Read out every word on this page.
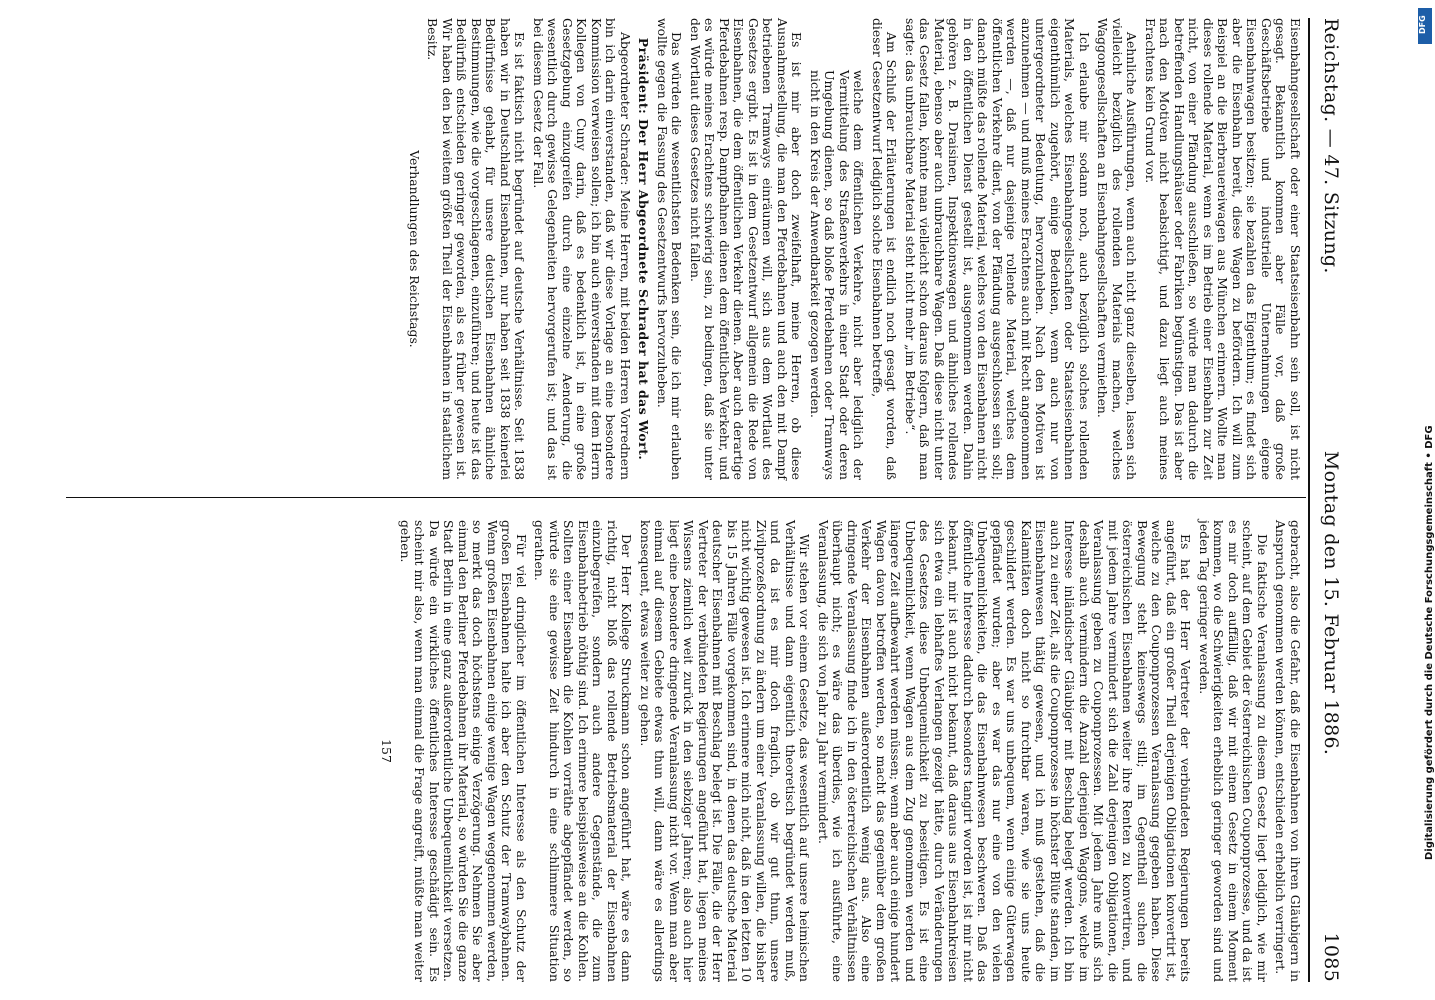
Reichstag. — 47. Sitzung.
Montag den 15. Februar 1886.
1085

Eisenbahngesellschaft oder einer Staatseisenbahn sein soll, ist nicht gesagt. Bekanntlich kommen aber Fälle vor, daß große Geschäftsbetriebe und industrielle Unternehmungen eigene Eisenbahnwagen besitzen; sie bezahlen das Eigenthum; es findet sich aber die Eisenbahn bereit, diese Wagen zu befördern. Ich will zum Beispiel an die Bierbrauereiwagen aus München erinnern. Wollte man dieses rollende Material, wenn es im Betrieb einer Eisenbahn zur Zeit nicht, von einer Pfändung ausschließen, so würde man dadurch die betreffenden Handlungshäuser oder Fabriken begünstigen. Das ist aber nach den Motiven nicht beabsichtigt, und dazu liegt auch meines Erachtens kein Grund vor.

Aehnliche Ausführungen, wenn auch nicht ganz dieselben, lassen sich vielleicht bezüglich des rollenden Materials machen, welches Waggongesellschaften an Eisenbahngesellschaften vermiethen.

Ich erlaube mir sodann noch, auch bezüglich solches rollenden Materials, welches Eisenbahngesellschaften oder Staatseisenbahnen eigenthümlich zugehört, einige Bedenken, wenn auch nur von untergeordneter Bedeutung, hervorzuheben. Nach den Motiven ist anzunehmen — und muß meines Erachtens auch mit Recht angenommen werden —, daß nur dasjenige rollende Material, welches dem öffentlichen Verkehre dient, von der Pfändung ausgeschlossen sein soll; danach müßte das rollende Material, welches von den Eisenbahnen nicht in den öffentlichen Dienst gestellt ist, ausgenommen werden. Dahin gehören z. B. Draisinen, Inspektionswagen und ähnliches rollendes Material, ebenso aber auch unbrauchbare Wagen. Daß diese nicht unter das Gesetz fallen, könnte man vielleicht schon daraus folgern, daß man sagte: das unbrauchbare Material steht nicht mehr „im Betriebe“.

Am Schluß der Erläuterungen ist endlich noch gesagt worden, daß dieser Gesetzentwurf lediglich solche Eisenbahnen betreffe,

welche dem öffentlichen Verkehre, nicht aber lediglich der Vermittelung des Straßenverkehrs in einer Stadt oder deren Umgebung dienen, so daß bloße Pferdebahnen oder Tramways nicht in den Kreis der Anwendbarkeit gezogen werden.

Es ist mir aber doch zweifelhaft, meine Herren, ob diese Ausnahmestellung, die man den Pferdebahnen und auch den mit Dampf betriebenen Tramways einräumen will, sich aus dem Wortlaut des Gesetzes ergibt. Es ist in dem Gesetzentwurf allgemein die Rede von Eisenbahnen, die dem öffentlichen Verkehr dienen. Aber auch derartige Pferdebahnen resp. Dampfbahnen dienen dem öffentlichen Verkehr, und es würde meines Erachtens schwierig sein, zu bedingen, daß sie unter den Wortlaut dieses Gesetzes nicht fallen.

Das würden die wesentlichsten Bedenken sein, die ich mir erlauben wollte gegen die Fassung des Gesetzentwurfs hervorzuheben.

Präsident: Der Herr Abgeordnete Schrader hat das Wort.

Abgeordneter Schrader: Meine Herren, mit beiden Herren Vorrednern bin ich darin einverstanden, daß wir diese Vorlage an eine besondere Kommission verweisen sollen; ich bin auch einverstanden mit dem Herrn Kollegen von Cuny darin, daß es bedenklich ist, in eine große Gesetzgebung einzugreifen durch eine einzelne Aenderung, die wesentlich durch gewisse Gelegenheiten hervorgerufen ist; und das ist bei diesem Gesetz der Fall.

Es ist faktisch nicht begründet auf deutsche Verhältnisse. Seit 1838 haben wir in Deutschland Eisenbahnen, nur haben seit 1838 keinerlei Bedürfnisse gehabt, für unsere deutschen Eisenbahnen ähnliche Bestimmungen, wie die vorgeschlagenen, einzuführen; und heute ist das Bedürfniß entschieden geringer geworden, als es früher gewesen ist. Wir haben den bei weitem größten Theil der Eisenbahnen in staatlichem Besitz.

Verhandlungen des Reichstags.

gebracht, also die Gefahr, daß die Eisenbahnen von ihren Gläubigern in Anspruch genommen werden können, entschieden erheblich verringert.

Die faktische Veranlassung zu diesem Gesetz liegt lediglich, wie mir scheint, auf dem Gebiet der österreichischen Couponprozesse, und da ist es mir doch auffällig, daß wir mit einem Gesetz in einem Moment kommen, wo die Schwierigkeiten erheblich geringer geworden sind und jeden Tag geringer werden.

Es hat der Herr Vertreter der verbündeten Regierungen bereits angeführt, daß ein großer Theil derjenigen Obligationen konvertirt ist, welche zu den Couponprozessen Veranlassung gegeben haben. Diese Bewegung steht keineswegs still; im Gegentheil suchen die österreichischen Eisenbahnen weiter ihre Renten zu konvertiren, und mit jedem Jahre vermindert sich die Zahl derjenigen Obligationen, die Veranlassung geben zu Couponprozessen. Mit jedem Jahre muß sich deshalb auch vermindern die Anzahl derjenigen Waggons, welche im Interesse inländischer Gläubiger mit Beschlag belegt werden. Ich bin auch zu einer Zeit, als die Couponprozesse in höchster Blüte standen, im Eisenbahnwesen thätig gewesen, und ich muß gestehen, daß die Kalamitäten doch nicht so furchtbar waren, wie sie uns heute geschildert werden. Es war uns unbequem, wenn einige Güterwagen gepfändet wurden; aber es war das nur eine von den vielen Unbequemlichkeiten, die das Eisenbahnwesen beschweren. Daß das öffentliche Interesse dadurch besonders tangirt worden ist, ist mir nicht bekannt, mir ist auch nicht bekannt, daß daraus aus Eisenbahnkreisen sich etwa ein lebhaftes Verlangen gezeigt hätte, durch Veränderungen des Gesetzes diese Unbequemlichkeit zu beseitigen. Es ist eine Unbequemlichkeit, wenn Wagen aus dem Zug genommen werden und längere Zeit aufbewahrt werden müssen; wenn aber auch einige hundert Wagen davon betroffen werden, so macht das gegenüber dem großen Verkehr der Eisenbahnen außerordentlich wenig aus. Also eine dringende Veranlassung finde ich in den österreichischen Verhältnissen überhaupt nicht; es wäre das überdies, wie ich ausführte, eine Veranlassung, die sich von Jahr zu Jahr vermindert.

Wir stehen vor einem Gesetze, das wesentlich auf unsere heimischen Verhältnisse und dann eigentlich theoretisch begründet werden muß, und da ist es mir doch fraglich, ob wir gut thun, unsere Zivilprozeßordnung zu ändern um einer Veranlassung willen, die bisher nicht wichtig gewesen ist. Ich erinnere mich nicht, daß in den letzten 10 bis 15 Jahren Fälle vorgekommen sind, in denen das deutsche Material deutscher Eisenbahnen mit Beschlag belegt ist. Die Fälle, die der Herr Vertreter der verbündeten Regierungen angeführt hat, liegen meines Wissens ziemlich weit zurück in den siebziger Jahren; also auch hier liegt eine besondere dringende Veranlassung nicht vor. Wenn man aber einmal auf diesem Gebiete etwas thun will, dann wäre es allerdings konsequent, etwas weiter zu gehen.

Der Herr Kollege Struckmann schon angeführt hat, wäre es dann richtig, nicht bloß das rollende Betriebsmaterial der Eisenbahnen einzubegreifen, sondern auch andere Gegenstände, die zum Eisenbahnbetrieb nöthig sind. Ich erinnere beispielsweise an die Kohlen. Sollten einer Eisenbahn die Kohlen vorräthe abgepfändet werden, so würde sie eine gewisse Zeit hindurch in eine schlimmere Situation gerathen.

Für viel dringlicher im öffentlichen Interesse als den Schutz der großen Eisenbahnen halte ich aber den Schutz der Tramwaybahnen. Wenn großen Eisenbahnen einige wenige Wagen weggenommen werden, so merkt das doch höchstens einige Verzögerung. Nehmen Sie aber einmal den Berliner Pferdebahnen ihr Material, so würden Sie die ganze Stadt Berlin in eine ganz außerordentliche Unbequemlichkeit versetzen. Da würde ein wirkliches öffentliches Interesse geschädigt sein. Es scheint mir also, wenn man einmal die Frage angreift, müßte man weiter gehen.

157

DFG
Digitalisierung gefördert durch die Deutsche Forschungsgemeinschaft • DFG
